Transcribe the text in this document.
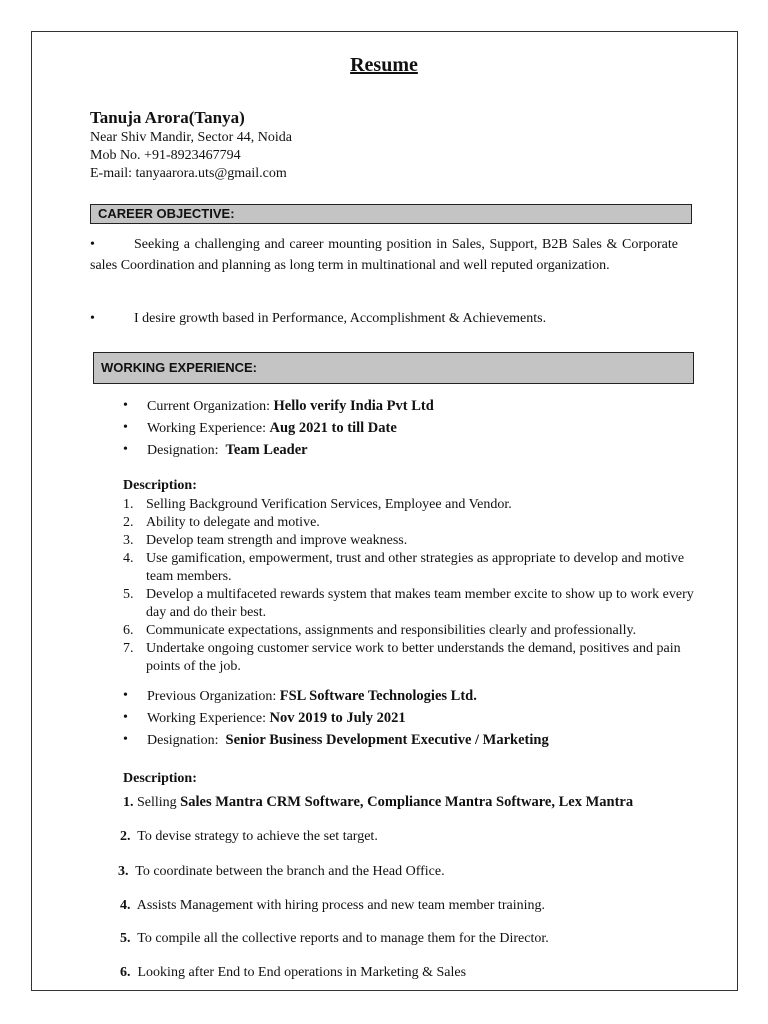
Resume
Tanuja Arora(Tanya)
Near Shiv Mandir, Sector 44, Noida
Mob No. +91-8923467794
E-mail: tanyaarora.uts@gmail.com
CAREER OBJECTIVE:
•	Seeking a challenging and career mounting position in Sales, Support, B2B Sales & Corporate sales Coordination and planning as long term in multinational and well reputed organization.
•	I desire growth based in Performance, Accomplishment & Achievements.
WORKING EXPERIENCE:
• Current Organization: Hello verify India Pvt Ltd
• Working Experience: Aug 2021 to till Date
• Designation:  Team Leader
Description:
1. Selling Background Verification Services, Employee and Vendor.
2. Ability to delegate and motive.
3. Develop team strength and improve weakness.
4. Use gamification, empowerment, trust and other strategies as appropriate to develop and motive team members.
5. Develop a multifaceted rewards system that makes team member excite to show up to work every day and do their best.
6. Communicate expectations, assignments and responsibilities clearly and professionally.
7. Undertake ongoing customer service work to better understands the demand, positives and pain points of the job.
• Previous Organization: FSL Software Technologies Ltd.
• Working Experience: Nov 2019 to July 2021
• Designation:  Senior Business Development Executive / Marketing
Description:
1. Selling Sales Mantra CRM Software, Compliance Mantra Software, Lex Mantra
2. To devise strategy to achieve the set target.
3. To coordinate between the branch and the Head Office.
4. Assists Management with hiring process and new team member training.
5. To compile all the collective reports and to manage them for the Director.
6. Looking after End to End operations in Marketing & Sales
